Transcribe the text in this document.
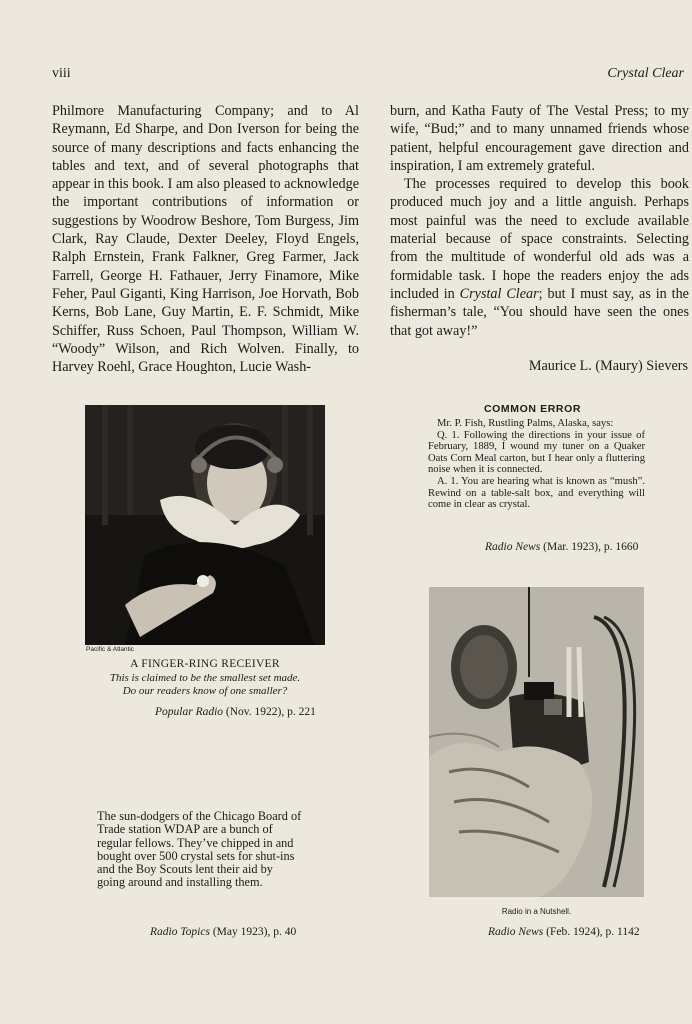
viii	Crystal Clear

Philmore Manufacturing Company; and to Al Reymann, Ed Sharpe, and Don Iverson for being the source of many descriptions and facts enhancing the tables and text, and of several photographs that appear in this book. I am also pleased to acknowledge the important contributions of information or suggestions by Woodrow Beshore, Tom Burgess, Jim Clark, Ray Claude, Dexter Deeley, Floyd Engels, Ralph Ernstein, Frank Falkner, Greg Farmer, Jack Farrell, George H. Fathauer, Jerry Finamore, Mike Feher, Paul Giganti, King Harrison, Joe Horvath, Bob Kerns, Bob Lane, Guy Martin, E. F. Schmidt, Mike Schiffer, Russ Schoen, Paul Thompson, William W. “Woody” Wilson, and Rich Wolven. Finally, to Harvey Roehl, Grace Houghton, Lucie Wash-

burn, and Katha Fauty of The Vestal Press; to my wife, “Bud;” and to many unnamed friends whose patient, helpful encouragement gave direction and inspiration, I am extremely grateful.

The processes required to develop this book produced much joy and a little anguish. Perhaps most painful was the need to exclude available material because of space constraints. Selecting from the multitude of wonderful old ads was a formidable task. I hope the readers enjoy the ads included in Crystal Clear; but I must say, as in the fisherman’s tale, “You should have seen the ones that got away!”

Maurice L. (Maury) Sievers
Pacific & Atlantic
A FINGER-RING RECEIVER
This is claimed to be the smallest set made.
Do our readers know of one smaller?
Popular Radio (Nov. 1922), p. 221
COMMON ERROR

Mr. P. Fish, Rustling Palms, Alaska, says:

Q. 1. Following the directions in your issue of February, 1889, I wound my tuner on a Quaker Oats Corn Meal carton, but I hear only a fluttering noise when it is connected.

A. 1. You are hearing what is known as “mush”. Rewind on a table-salt box, and everything will come in clear as crystal.

Radio News (Mar. 1923), p. 1660
Radio in a Nutshell.
Radio News (Feb. 1924), p. 1142

The sun-dodgers of the Chicago Board of Trade station WDAP are a bunch of regular fellows. They’ve chipped in and bought over 500 crystal sets for shut-ins and the Boy Scouts lent their aid by going around and installing them.

Radio Topics (May 1923), p. 40
